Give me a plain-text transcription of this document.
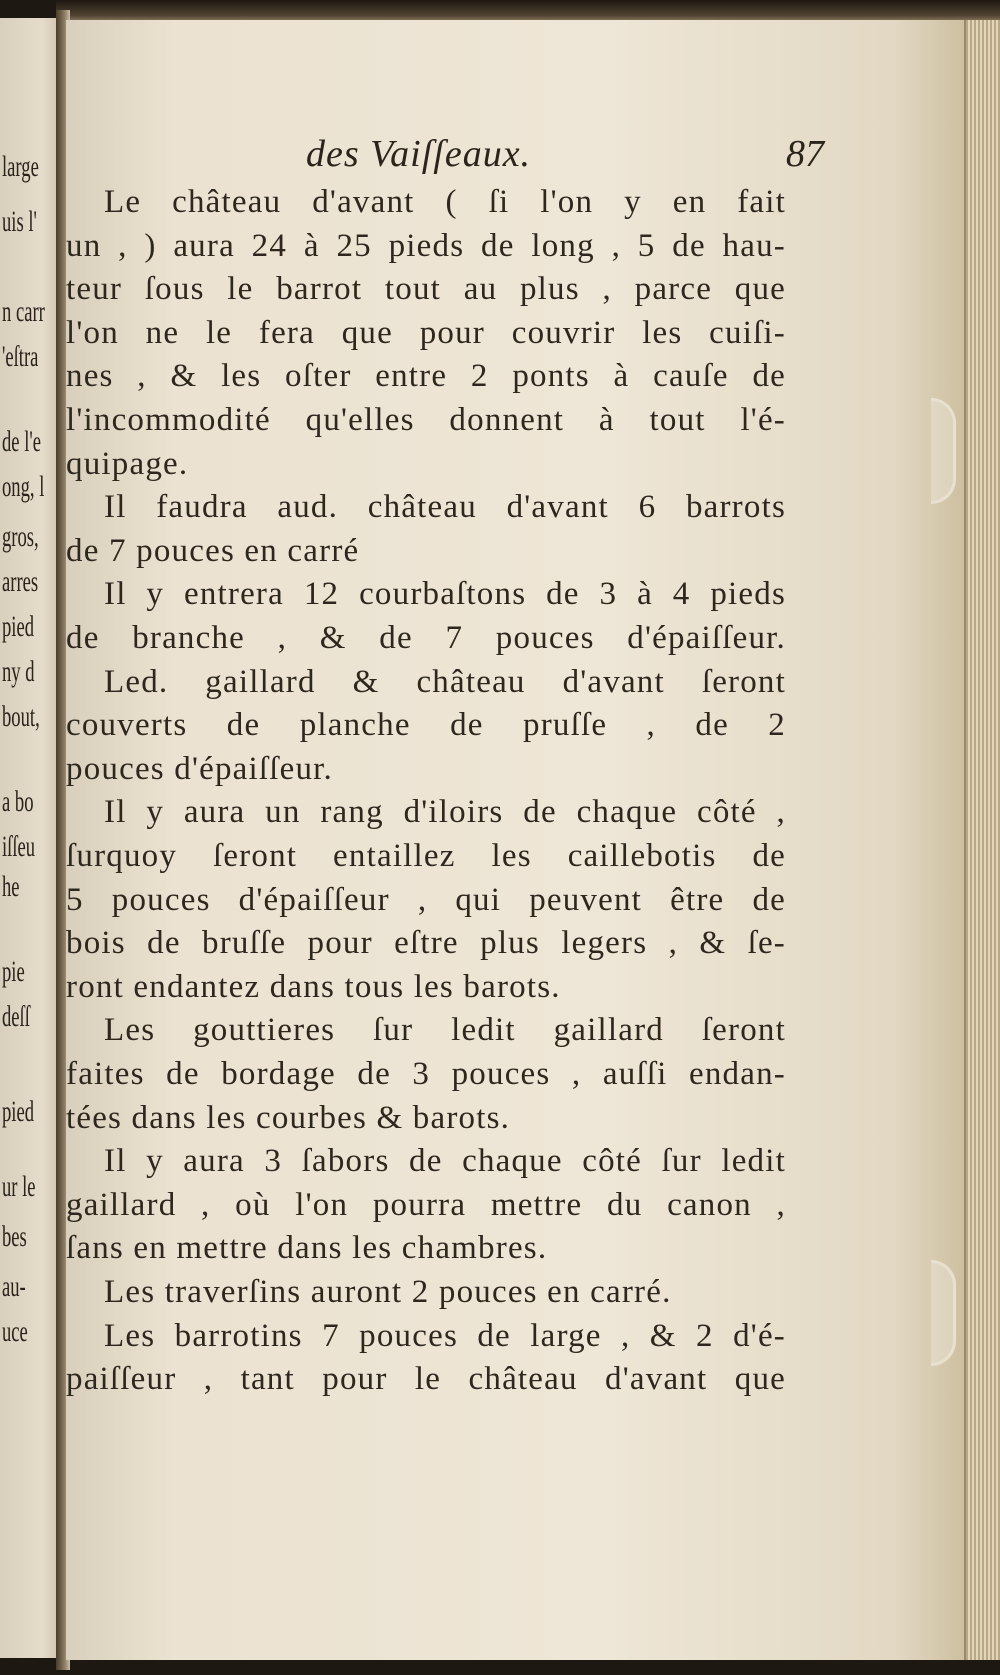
large
uis l'
n carr
'eſtra
de l'e
ong, l
gros,
arres
pied
ny d
bout,
a bo
iſſeu
he
pie
deſſ
pied
ur le
bes
au-
uce
des Vaiſſeaux.	87
Le château d'avant ( ſi l'on y en fait
un , ) aura 24 à 25 pieds de long , 5 de hau-
teur ſous le barrot tout au plus , parce que
l'on ne le fera que pour couvrir les cuiſi-
nes , & les oſter entre 2 ponts à cauſe de
l'incommodité qu'elles donnent à tout l'é-
quipage.
Il faudra aud. château d'avant 6 barrots
de 7 pouces en carré
Il y entrera 12 courbaſtons de 3 à 4 pieds
de branche , & de 7 pouces d'épaiſſeur.
Led. gaillard & château d'avant ſeront
couverts de planche de pruſſe , de 2
pouces d'épaiſſeur.
Il y aura un rang d'iloirs de chaque côté ,
ſurquoy ſeront entaillez les caillebotis de
5 pouces d'épaiſſeur , qui peuvent être de
bois de bruſſe pour eſtre plus legers , & ſe-
ront endantez dans tous les barots.
Les gouttieres ſur ledit gaillard ſeront
faites de bordage de 3 pouces , auſſi endan-
tées dans les courbes & barots.
Il y aura 3 ſabors de chaque côté ſur ledit
gaillard , où l'on pourra mettre du canon ,
ſans en mettre dans les chambres.
Les traverſins auront 2 pouces en carré.
Les barrotins 7 pouces de large , & 2 d'é-
paiſſeur , tant pour le château d'avant que
